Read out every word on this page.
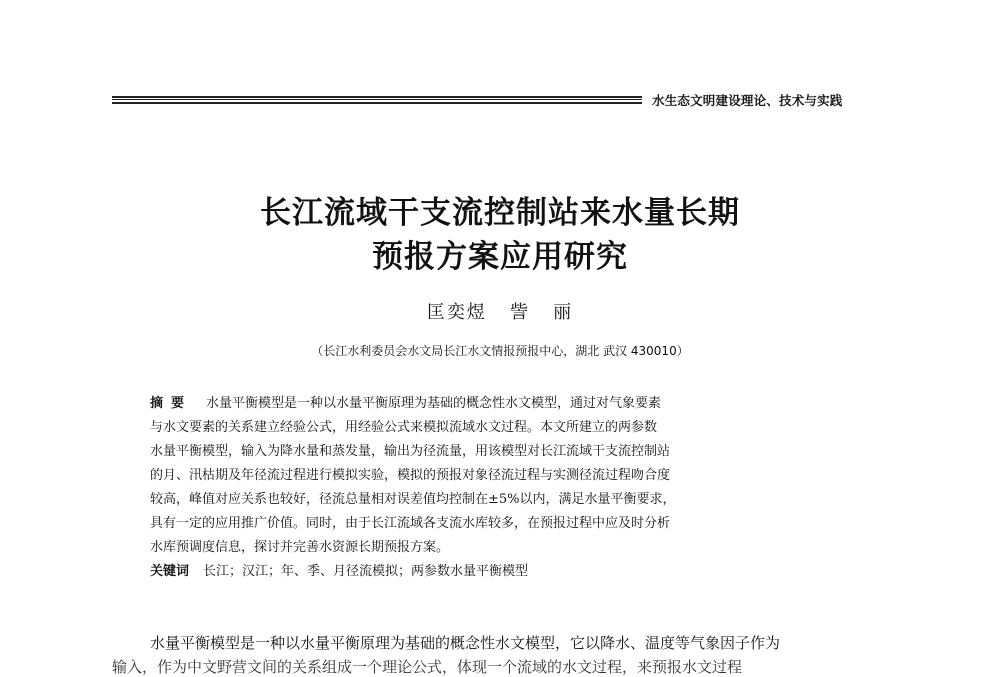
水生态文明建设理论、技术与实践
长江流域干支流控制站来水量长期
预报方案应用研究
匡奕煜   訾   丽
（长江水利委员会水文局长江水文情报预报中心，湖北 武汉 430010）
摘要 水量平衡模型是一种以水量平衡原理为基础的概念性水文模型，通过对气象要素
与水文要素的关系建立经验公式，用经验公式来模拟流域水文过程。本文所建立的两参数
水量平衡模型，输入为降水量和蒸发量，输出为径流量，用该模型对长江流域干支流控制站
的月、汛枯期及年径流过程进行模拟实验，模拟的预报对象径流过程与实测径流过程吻合度
较高，峰值对应关系也较好，径流总量相对误差值均控制在±5%以内，满足水量平衡要求，
具有一定的应用推广价值。同时，由于长江流域各支流水库较多，在预报过程中应及时分析
水库预调度信息，探讨并完善水资源长期预报方案。
关键词 长江；汉江；年、季、月径流模拟；两参数水量平衡模型
水量平衡模型是一种以水量平衡原理为基础的概念性水文模型，它以降水、温度等气象因子作为
输入，作为中文野营文间的关系组成一个理论公式，体现一个流域的水文过程，来预报水文过程
